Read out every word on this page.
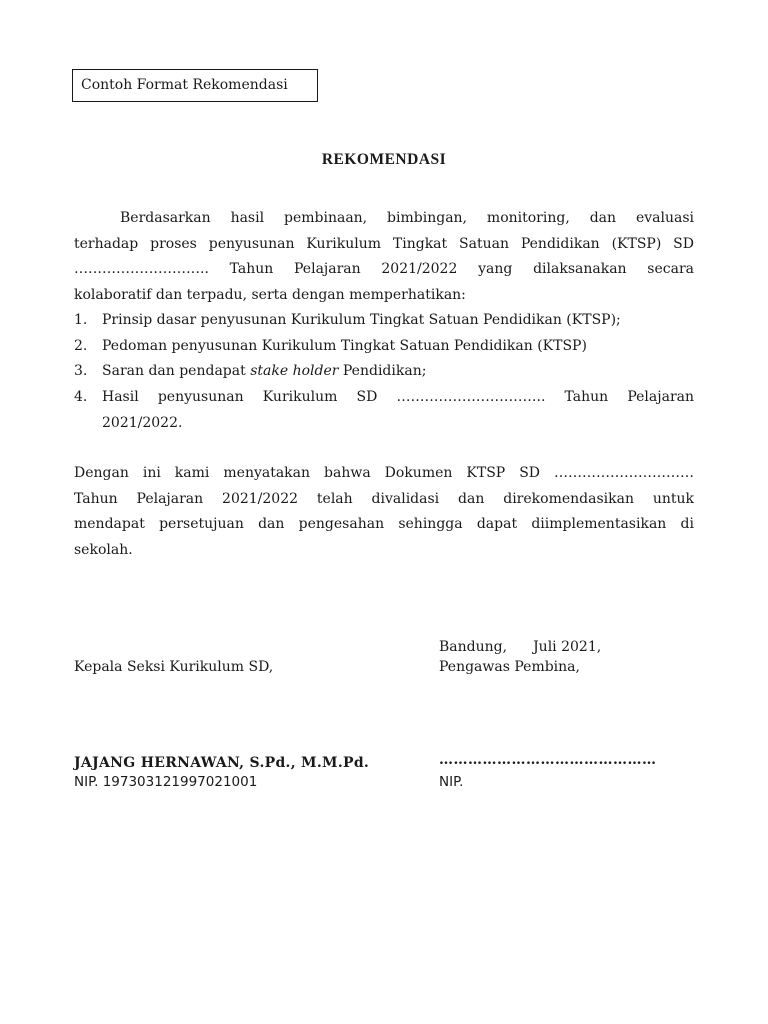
Contoh Format Rekomendasi
REKOMENDASI
Berdasarkan hasil pembinaan, bimbingan, monitoring, dan evaluasi
terhadap proses penyusunan Kurikulum Tingkat Satuan Pendidikan (KTSP) SD
……………………….. Tahun Pelajaran 2021/2022 yang dilaksanakan secara
kolaboratif dan terpadu, serta dengan memperhatikan:
1. Prinsip dasar penyusunan Kurikulum Tingkat Satuan Pendidikan (KTSP);
2. Pedoman penyusunan Kurikulum Tingkat Satuan Pendidikan (KTSP)
3. Saran dan pendapat stake holder Pendidikan;
4. Hasil penyusunan Kurikulum SD ………………………….. Tahun Pelajaran
2021/2022.
Dengan ini kami menyatakan bahwa Dokumen KTSP SD …………………………
Tahun Pelajaran 2021/2022 telah divalidasi dan direkomendasikan untuk
mendapat persetujuan dan pengesahan sehingga dapat diimplementasikan di
sekolah.
Bandung, Juli 2021,
Kepala Seksi Kurikulum SD,	Pengawas Pembina,
JAJANG HERNAWAN, S.Pd., M.M.Pd.	………………………………………
NIP. 197303121997021001	NIP.
